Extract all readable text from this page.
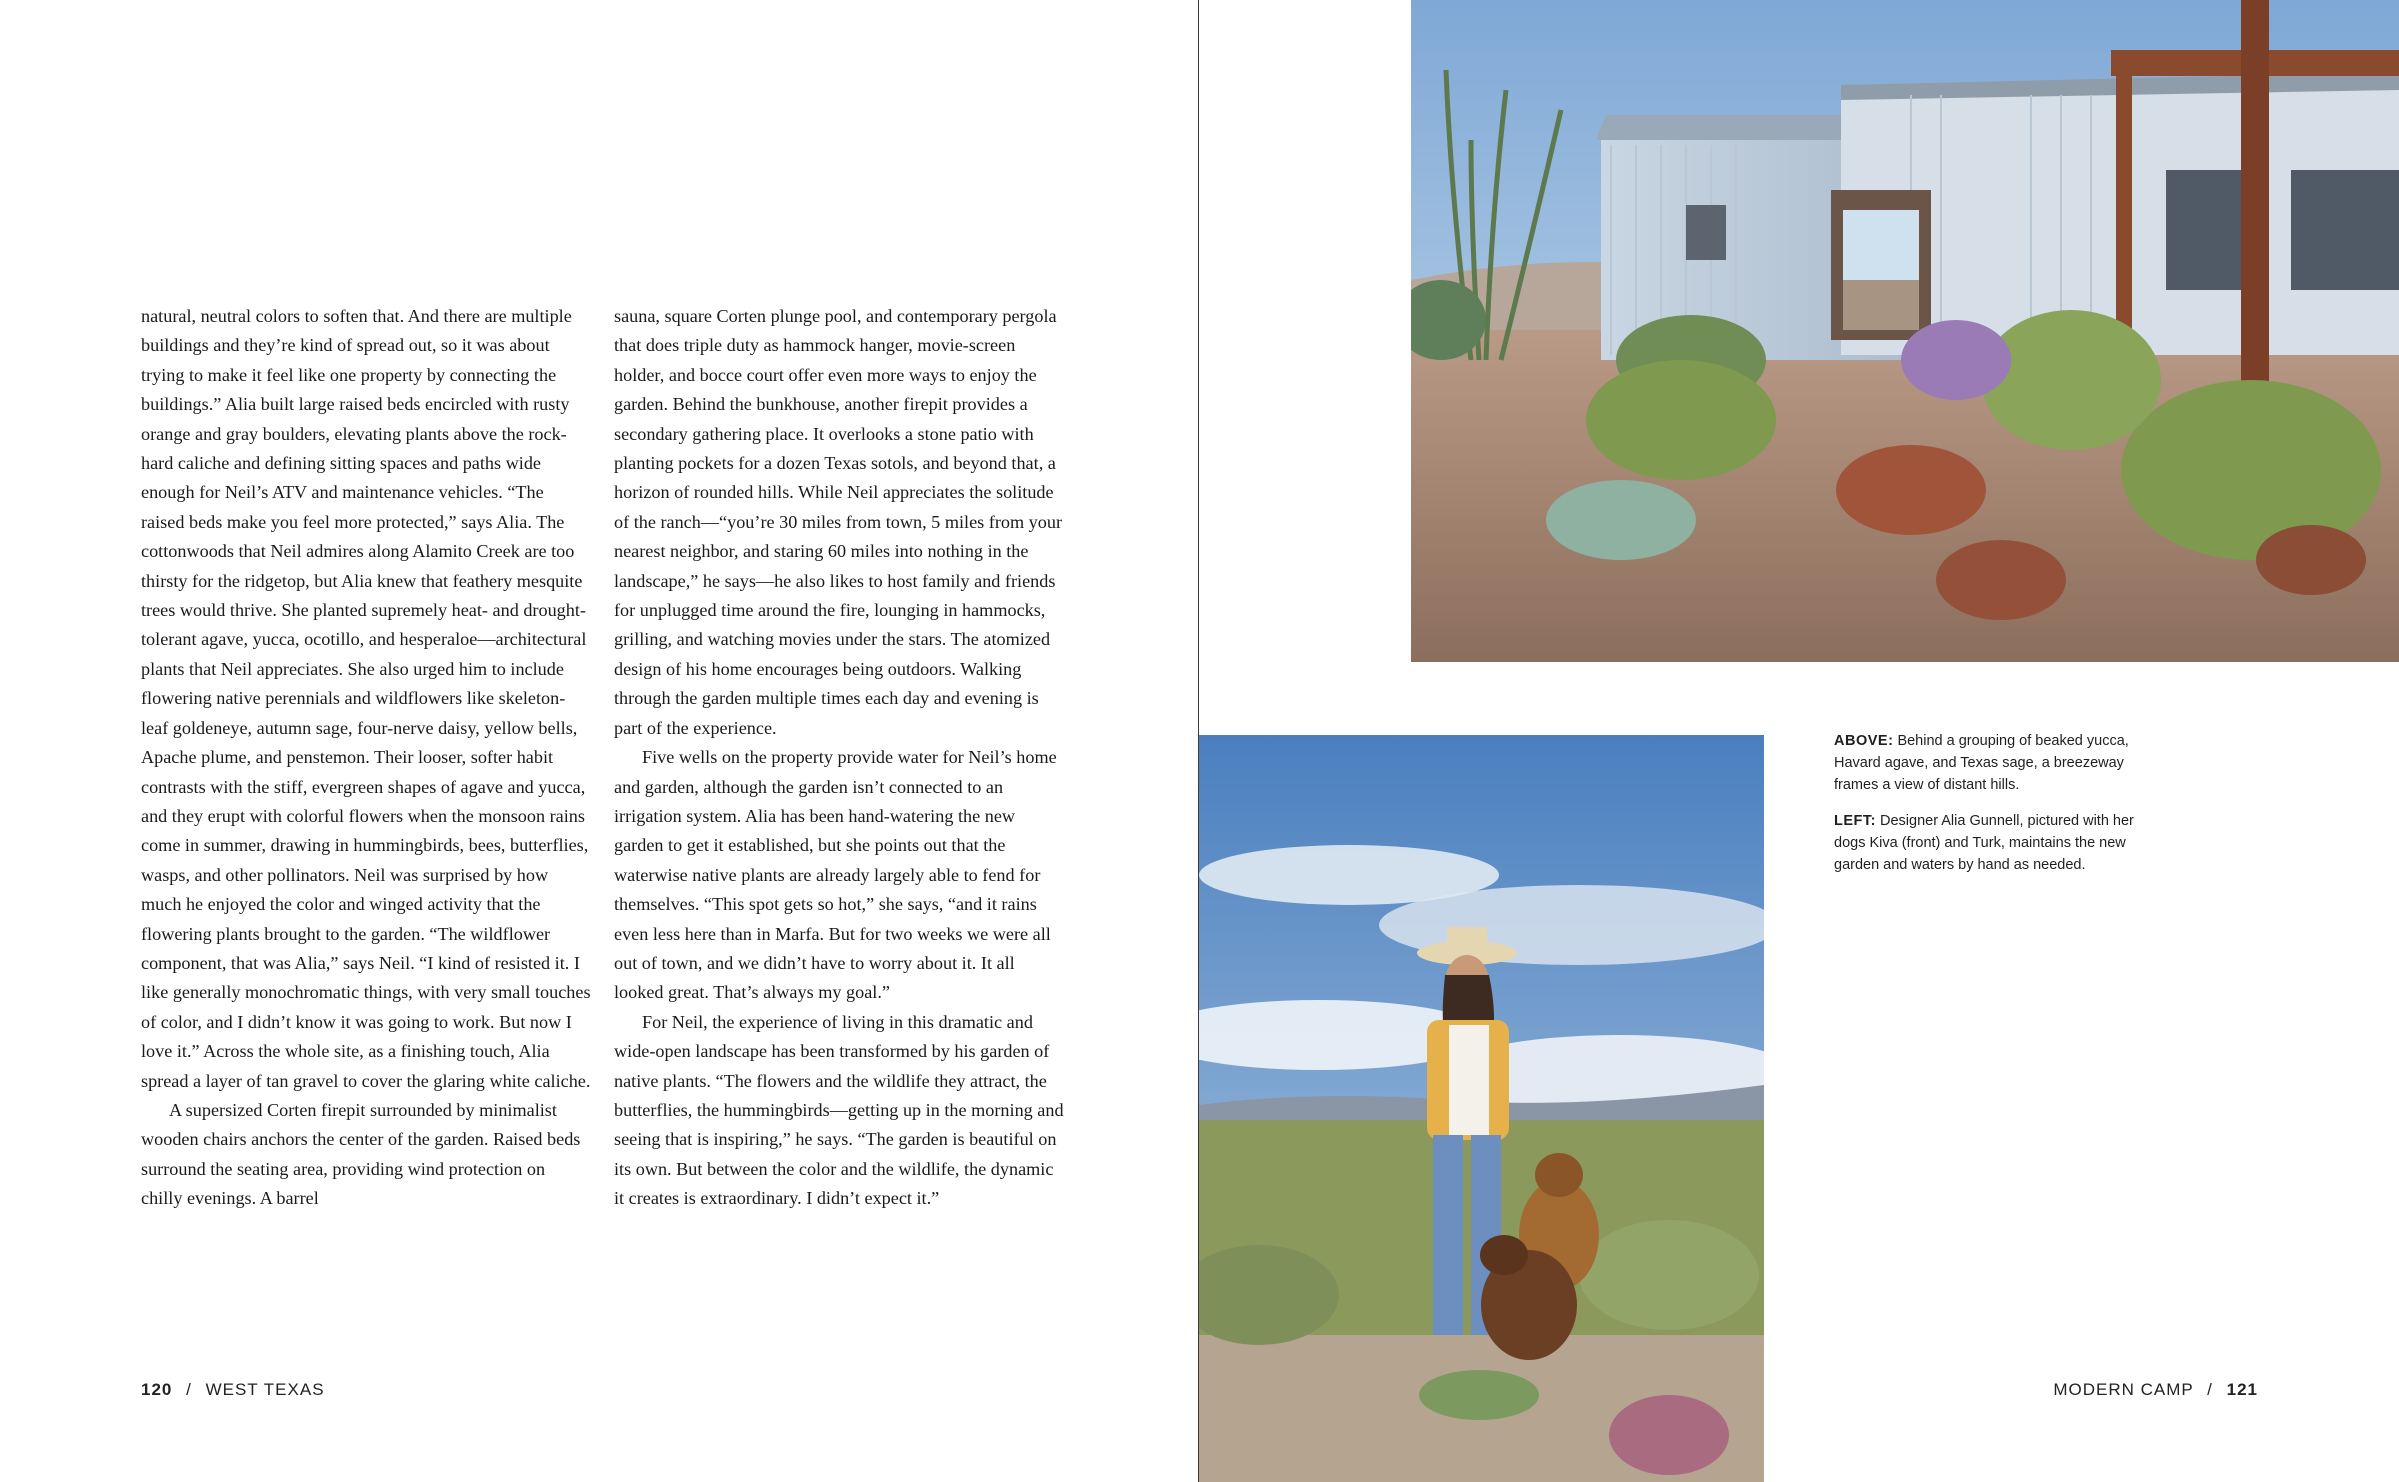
natural, neutral colors to soften that. And there are multiple buildings and they’re kind of spread out, so it was about trying to make it feel like one property by connecting the buildings.” Alia built large raised beds encircled with rusty orange and gray boulders, elevating plants above the rock-hard caliche and defining sitting spaces and paths wide enough for Neil’s ATV and maintenance vehicles. “The raised beds make you feel more protected,” says Alia. The cottonwoods that Neil admires along Alamito Creek are too thirsty for the ridgetop, but Alia knew that feathery mesquite trees would thrive. She planted supremely heat- and drought-tolerant agave, yucca, ocotillo, and hesperaloe—architectural plants that Neil appreciates. She also urged him to include flowering native perennials and wildflowers like skeleton-leaf goldeneye, autumn sage, four-nerve daisy, yellow bells, Apache plume, and penstemon. Their looser, softer habit contrasts with the stiff, evergreen shapes of agave and yucca, and they erupt with colorful flowers when the monsoon rains come in summer, drawing in hummingbirds, bees, butterflies, wasps, and other pollinators. Neil was surprised by how much he enjoyed the color and winged activity that the flowering plants brought to the garden. “The wildflower component, that was Alia,” says Neil. “I kind of resisted it. I like generally monochromatic things, with very small touches of color, and I didn’t know it was going to work. But now I love it.” Across the whole site, as a finishing touch, Alia spread a layer of tan gravel to cover the glaring white caliche.

A supersized Corten firepit surrounded by minimalist wooden chairs anchors the center of the garden. Raised beds surround the seating area, providing wind protection on chilly evenings. A barrel

sauna, square Corten plunge pool, and contemporary pergola that does triple duty as hammock hanger, movie-screen holder, and bocce court offer even more ways to enjoy the garden. Behind the bunkhouse, another firepit provides a secondary gathering place. It overlooks a stone patio with planting pockets for a dozen Texas sotols, and beyond that, a horizon of rounded hills. While Neil appreciates the solitude of the ranch—“you’re 30 miles from town, 5 miles from your nearest neighbor, and staring 60 miles into nothing in the landscape,” he says—he also likes to host family and friends for unplugged time around the fire, lounging in hammocks, grilling, and watching movies under the stars. The atomized design of his home encourages being outdoors. Walking through the garden multiple times each day and evening is part of the experience.

Five wells on the property provide water for Neil’s home and garden, although the garden isn’t connected to an irrigation system. Alia has been hand-watering the new garden to get it established, but she points out that the waterwise native plants are already largely able to fend for themselves. “This spot gets so hot,” she says, “and it rains even less here than in Marfa. But for two weeks we were all out of town, and we didn’t have to worry about it. It all looked great. That’s always my goal.”

For Neil, the experience of living in this dramatic and wide-open landscape has been transformed by his garden of native plants. “The flowers and the wildlife they attract, the butterflies, the hummingbirds—getting up in the morning and seeing that is inspiring,” he says. “The garden is beautiful on its own. But between the color and the wildlife, the dynamic it creates is extraordinary. I didn’t expect it.”

120 / WEST TEXAS

ABOVE: Behind a grouping of beaked yucca, Havard agave, and Texas sage, a breezeway frames a view of distant hills.

LEFT: Designer Alia Gunnell, pictured with her dogs Kiva (front) and Turk, maintains the new garden and waters by hand as needed.

MODERN CAMP / 121
